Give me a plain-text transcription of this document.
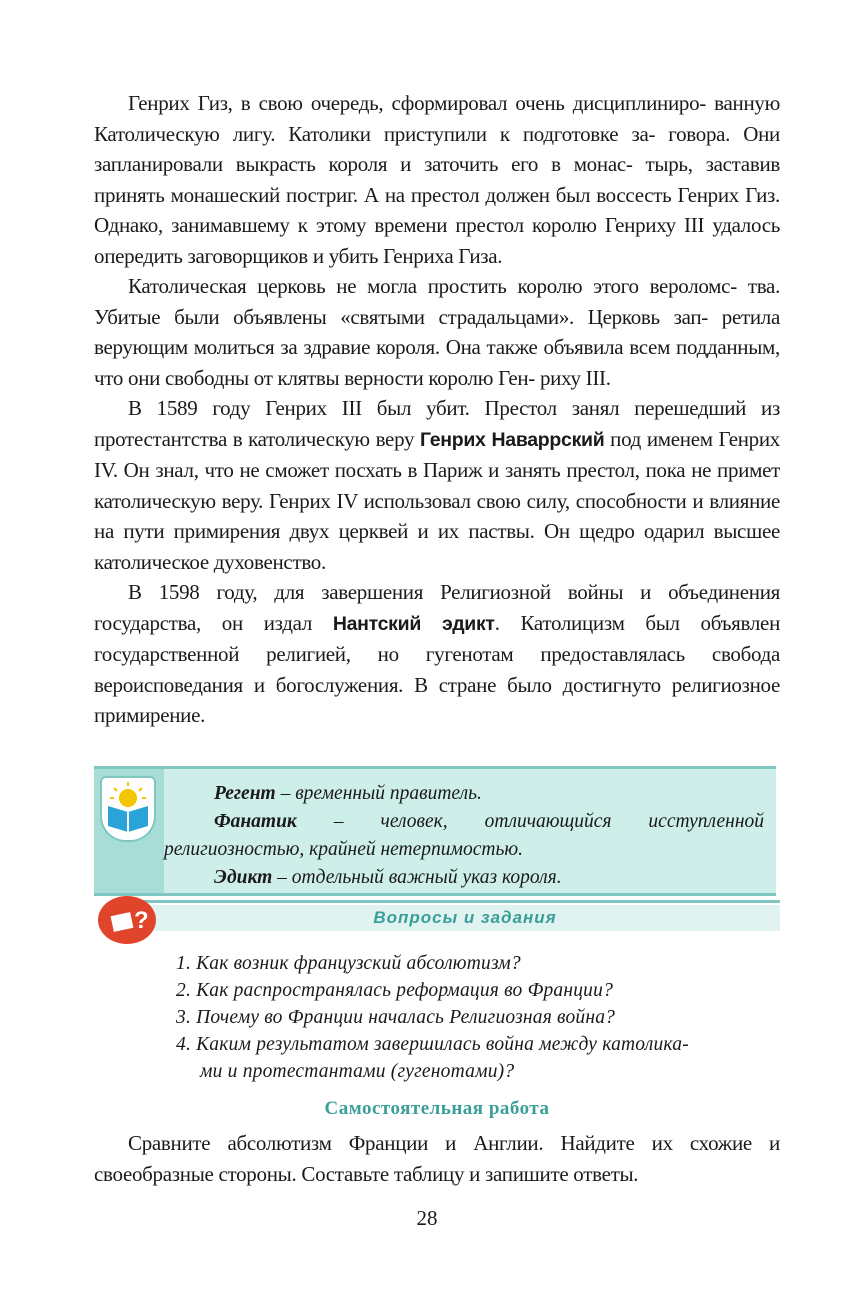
Генрих Гиз, в свою очередь, сформировал очень дисциплиниро- ванную Католическую лигу. Католики приступили к подготовке за- говора. Они запланировали выкрасть короля и заточить его в монас- тырь, заставив принять монашеский постриг. А на престол должен был воссесть Генрих Гиз. Однако, занимавшему к этому времени престол королю Генриху III удалось опередить заговорщиков и убить Генриха Гиза.

Католическая церковь не могла простить королю этого вероломс- тва. Убитые были объявлены «святыми страдальцами». Церковь зап- ретила верующим молиться за здравие короля. Она также объявила всем подданным, что они свободны от клятвы верности королю Ген- риху III.

В 1589 году Генрих III был убит. Престол занял перешедший из протестантства в католическую веру Генрих Наваррский под именем Генрих IV. Он знал, что не сможет посхать в Париж и занять престол, пока не примет католическую веру. Генрих IV использовал свою силу, способности и влияние на пути примирения двух церквей и их паствы. Он щедро одарил высшее католическое духовенство.

В 1598 году, для завершения Религиозной войны и объединения государства, он издал Нантский эдикт. Католицизм был объявлен государственной религией, но гугенотам предоставлялась свобода вероисповедания и богослужения. В стране было достигнуто религиозное примирение.

Регент – временный правитель.

Фанатик – человек, отличающийся исступленной религиозностью, крайней нетерпимостью.

Эдикт – отдельный важный указ короля.

Вопросы и задания
?
1. Как возник французский абсолютизм?
2. Как распространялась реформация во Франции?
3. Почему во Франции началась Религиозная война?
4. Каким результатом завершилась война между католика-
ми и протестантами (гугенотами)?
Самостоятельная работа

Сравните абсолютизм Франции и Англии. Найдите их схожие и своеобразные стороны. Составьте таблицу и запишите ответы.

28
